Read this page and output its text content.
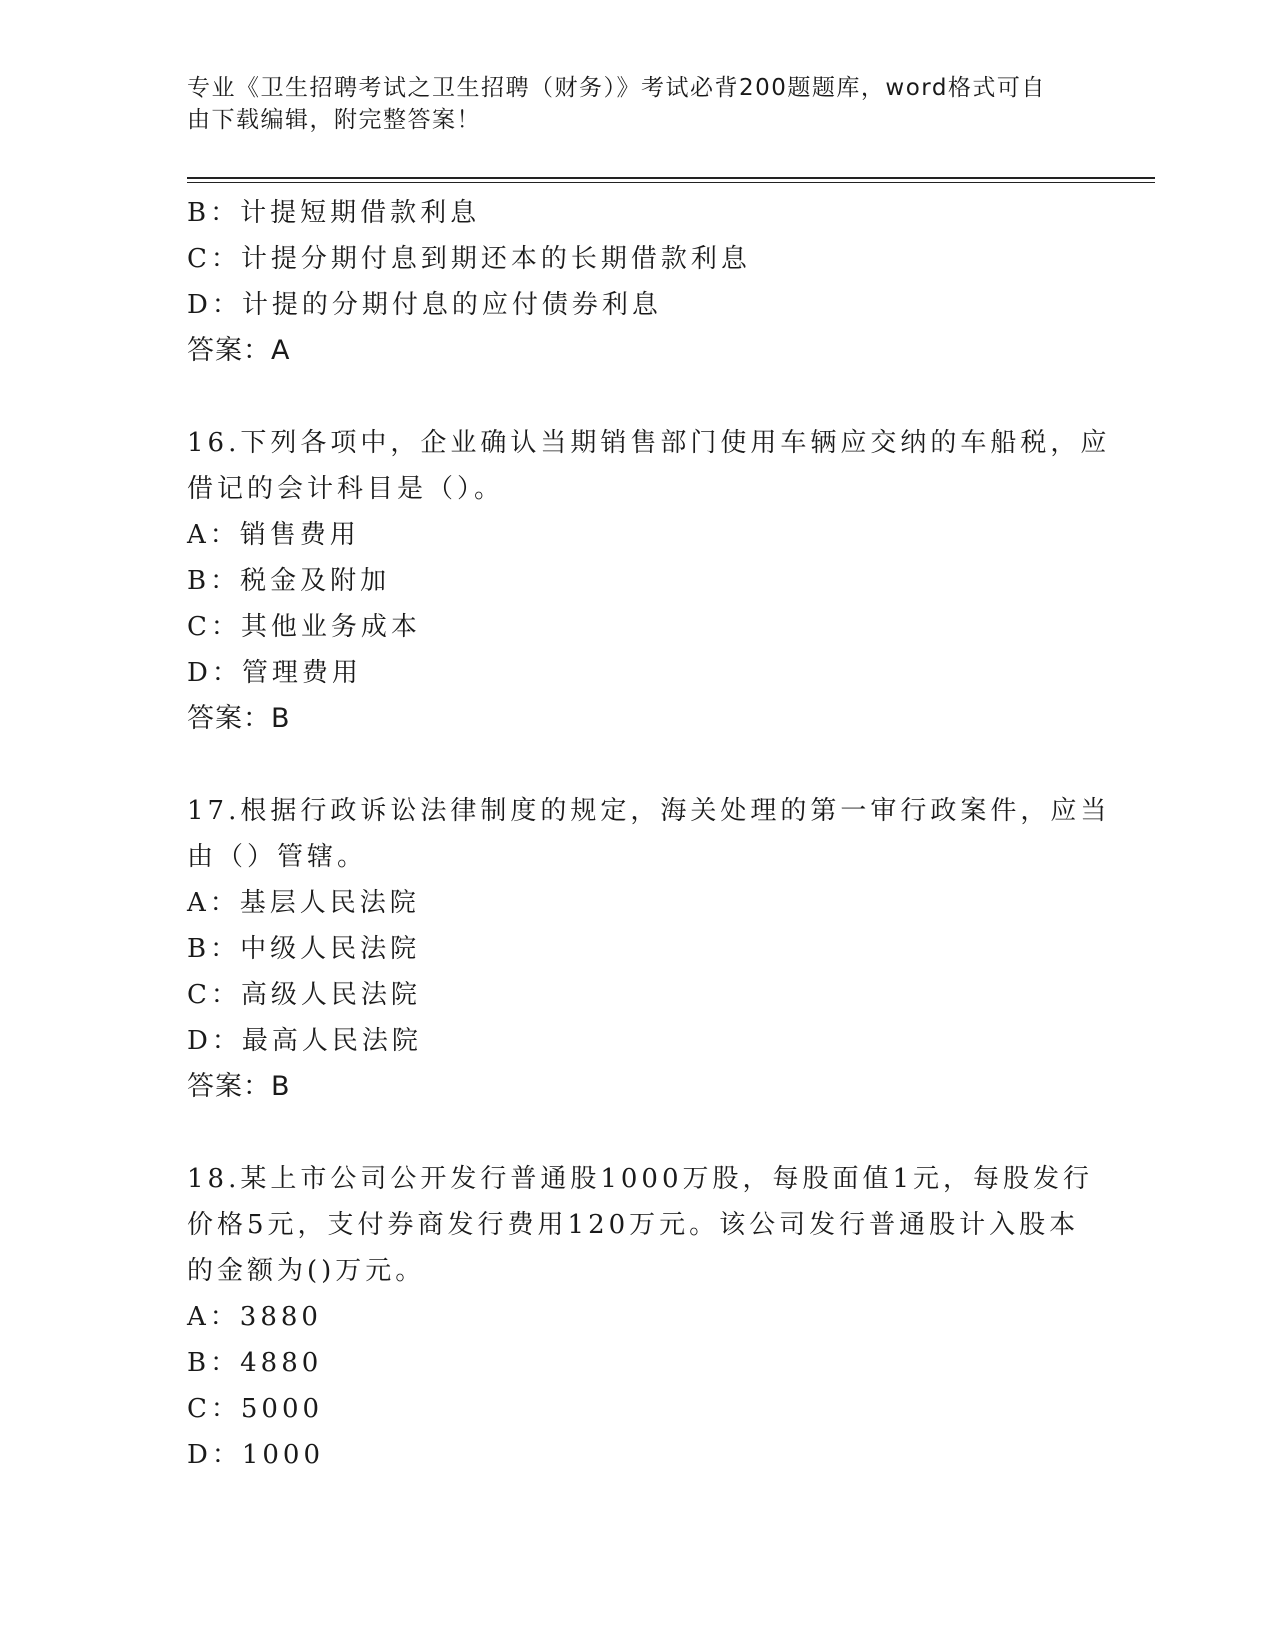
专业《卫生招聘考试之卫生招聘（财务）》考试必背200题题库，word格式可自
由下载编辑，附完整答案！
B：计提短期借款利息
C：计提分期付息到期还本的长期借款利息
D：计提的分期付息的应付债券利息
答案：A
16.下列各项中，企业确认当期销售部门使用车辆应交纳的车船税，应
借记的会计科目是（）。
A：销售费用
B：税金及附加
C：其他业务成本
D：管理费用
答案：B
17.根据行政诉讼法律制度的规定，海关处理的第一审行政案件，应当
由（）管辖。
A：基层人民法院
B：中级人民法院
C：高级人民法院
D：最高人民法院
答案：B
18.某上市公司公开发行普通股1000万股，每股面值1元，每股发行
价格5元，支付券商发行费用120万元。该公司发行普通股计入股本
的金额为()万元。
A：3880
B：4880
C：5000
D：1000
